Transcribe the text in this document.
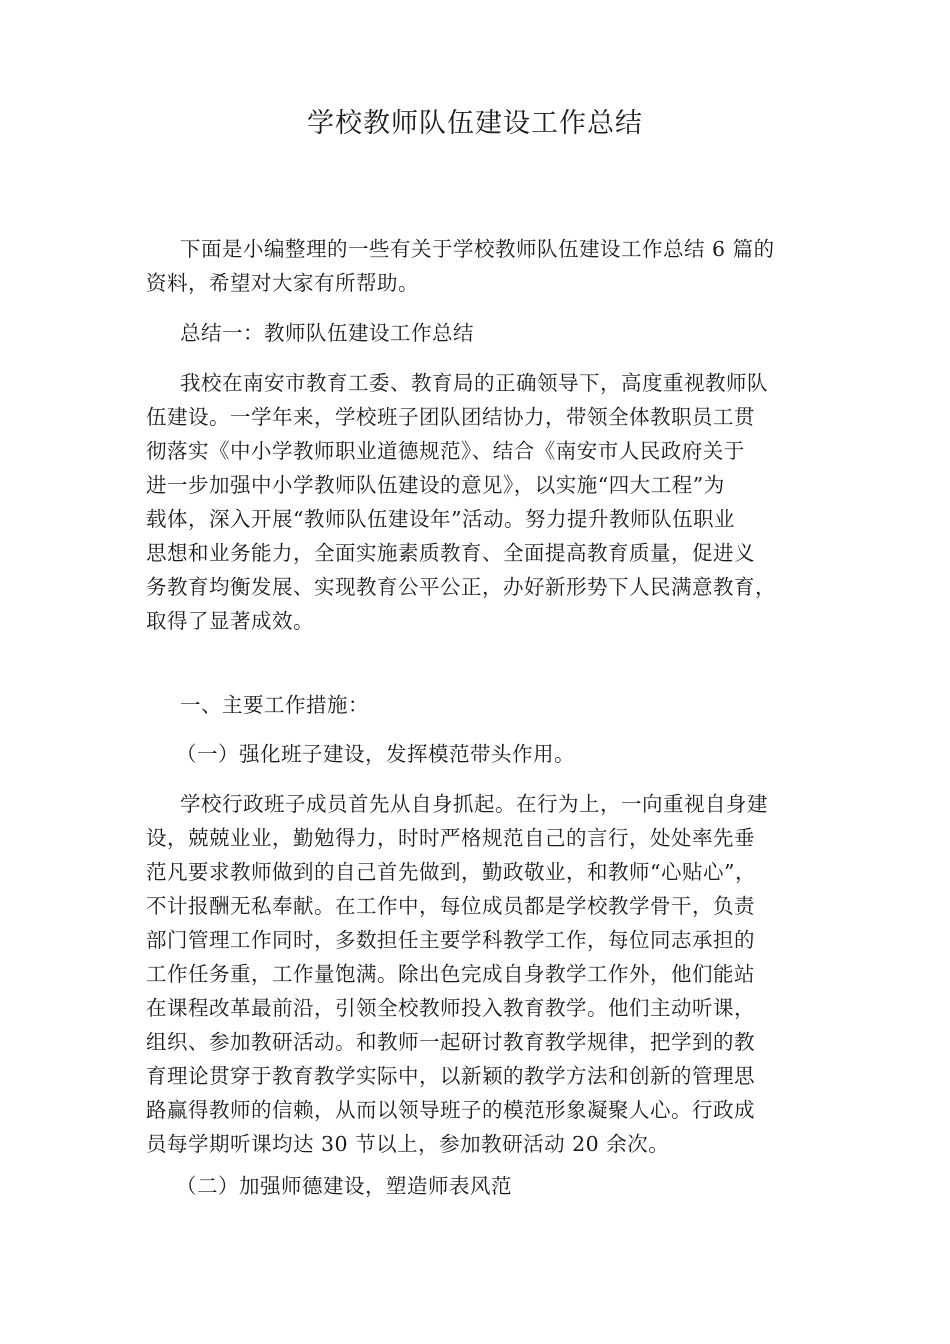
学校教师队伍建设工作总结
下面是小编整理的一些有关于学校教师队伍建设工作总结 6 篇的
资料，希望对大家有所帮助。
总结一：教师队伍建设工作总结
我校在南安市教育工委、教育局的正确领导下，高度重视教师队
伍建设。一学年来，学校班子团队团结协力，带领全体教职员工贯
彻落实《中小学教师职业道德规范》、结合《南安市人民政府关于
进一步加强中小学教师队伍建设的意见》，以实施“四大工程”为
载体，深入开展“教师队伍建设年”活动。努力提升教师队伍职业
思想和业务能力，全面实施素质教育、全面提高教育质量，促进义
务教育均衡发展、实现教育公平公正，办好新形势下人民满意教育，
取得了显著成效。
一、主要工作措施：
（一）强化班子建设，发挥模范带头作用。
学校行政班子成员首先从自身抓起。在行为上，一向重视自身建
设，兢兢业业，勤勉得力，时时严格规范自己的言行，处处率先垂
范凡要求教师做到的自己首先做到，勤政敬业，和教师“心贴心”，
不计报酬无私奉献。在工作中，每位成员都是学校教学骨干，负责
部门管理工作同时，多数担任主要学科教学工作，每位同志承担的
工作任务重，工作量饱满。除出色完成自身教学工作外，他们能站
在课程改革最前沿，引领全校教师投入教育教学。他们主动听课，
组织、参加教研活动。和教师一起研讨教育教学规律，把学到的教
育理论贯穿于教育教学实际中，以新颖的教学方法和创新的管理思
路赢得教师的信赖，从而以领导班子的模范形象凝聚人心。行政成
员每学期听课均达 30 节以上，参加教研活动 20 余次。
（二）加强师德建设，塑造师表风范
